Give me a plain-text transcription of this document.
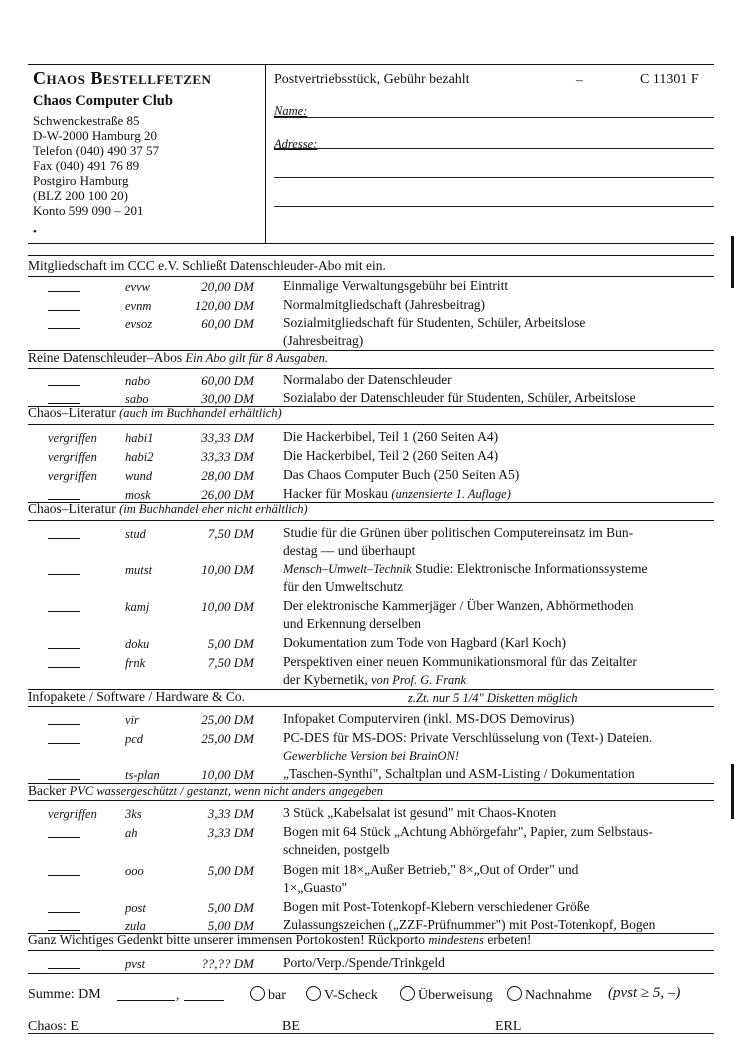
Chaos Bestellfetzen
Chaos Computer Club
Schwenckestraße 85
D-W-2000 Hamburg 20
Telefon (040) 490 37 57
Fax (040) 491 76 89
Postgiro Hamburg
(BLZ 200 100 20)
Konto 599 090 – 201
•
Postvertriebsstück, Gebühr bezahlt	–	C 11301 F
Name:
Adresse:
Mitgliedschaft im CCC e.V. Schließt Datenschleuder-Abo mit ein.
evvw	20,00 DM Einmalige Verwaltungsgebühr bei Eintritt
evnm	120,00 DM Normalmitgliedschaft (Jahresbeitrag)
evsoz	60,00 DM Sozialmitgliedschaft für Studenten, Schüler, Arbeitslose
(Jahresbeitrag)
Reine Datenschleuder–Abos Ein Abo gilt für 8 Ausgaben.
nabo	60,00 DM Normalabo der Datenschleuder
sabo	30,00 DM Sozialabo der Datenschleuder für Studenten, Schüler, Arbeitslose
Chaos–Literatur (auch im Buchhandel erhältlich)
vergriffen habi1	33,33 DM Die Hackerbibel, Teil 1 (260 Seiten A4)
vergriffen habi2	33,33 DM Die Hackerbibel, Teil 2 (260 Seiten A4)
vergriffen wund	28,00 DM Das Chaos Computer Buch (250 Seiten A5)
mosk	26,00 DM Hacker für Moskau (unzensierte 1. Auflage)
Chaos–Literatur (im Buchhandel eher nicht erhältlich)
stud	7,50 DM Studie für die Grünen über politischen Computereinsatz im Bun-
destag — und überhaupt
mutst	10,00 DM Mensch–Umwelt–Technik Studie: Elektronische Informationssysteme
für den Umweltschutz
kamj	10,00 DM Der elektronische Kammerjäger / Über Wanzen, Abhörmethoden
und Erkennung derselben
doku	5,00 DM Dokumentation zum Tode von Hagbard (Karl Koch)
frnk	7,50 DM Perspektiven einer neuen Kommunikationsmoral für das Zeitalter
der Kybernetik, von Prof. G. Frank
Infopakete / Software / Hardware & Co.	z.Zt. nur 5 1/4" Disketten möglich
vir	25,00 DM Infopaket Computerviren (inkl. MS-DOS Demovirus)
pcd	25,00 DM PC-DES für MS-DOS: Private Verschlüsselung von (Text-) Dateien.
Gewerbliche Version bei BrainON!
ts-plan	10,00 DM „Taschen-Synthi", Schaltplan und ASM-Listing / Dokumentation
Backer PVC wassergeschützt / gestanzt, wenn nicht anders angegeben
vergriffen 3ks	3,33 DM 3 Stück „Kabelsalat ist gesund" mit Chaos-Knoten
ah	3,33 DM Bogen mit 64 Stück „Achtung Abhörgefahr", Papier, zum Selbstaus-
schneiden, postgelb
ooo	5,00 DM Bogen mit 18×„Außer Betrieb," 8×„Out of Order" und
1×„Guasto"
post	5,00 DM Bogen mit Post-Totenkopf-Klebern verschiedener Größe
zula	5,00 DM Zulassungszeichen („ZZF-Prüfnummer") mit Post-Totenkopf, Bogen
Ganz Wichtiges Gedenkt bitte unserer immensen Portokosten! Rückporto mindestens erbeten!
pvst	??,?? DM Porto/Verp./Spende/Trinkgeld
Summe: DM	,	bar	V-Scheck	Überweisung	Nachnahme (pvst ≥ 5, –)
Chaos: E	BE	ERL
